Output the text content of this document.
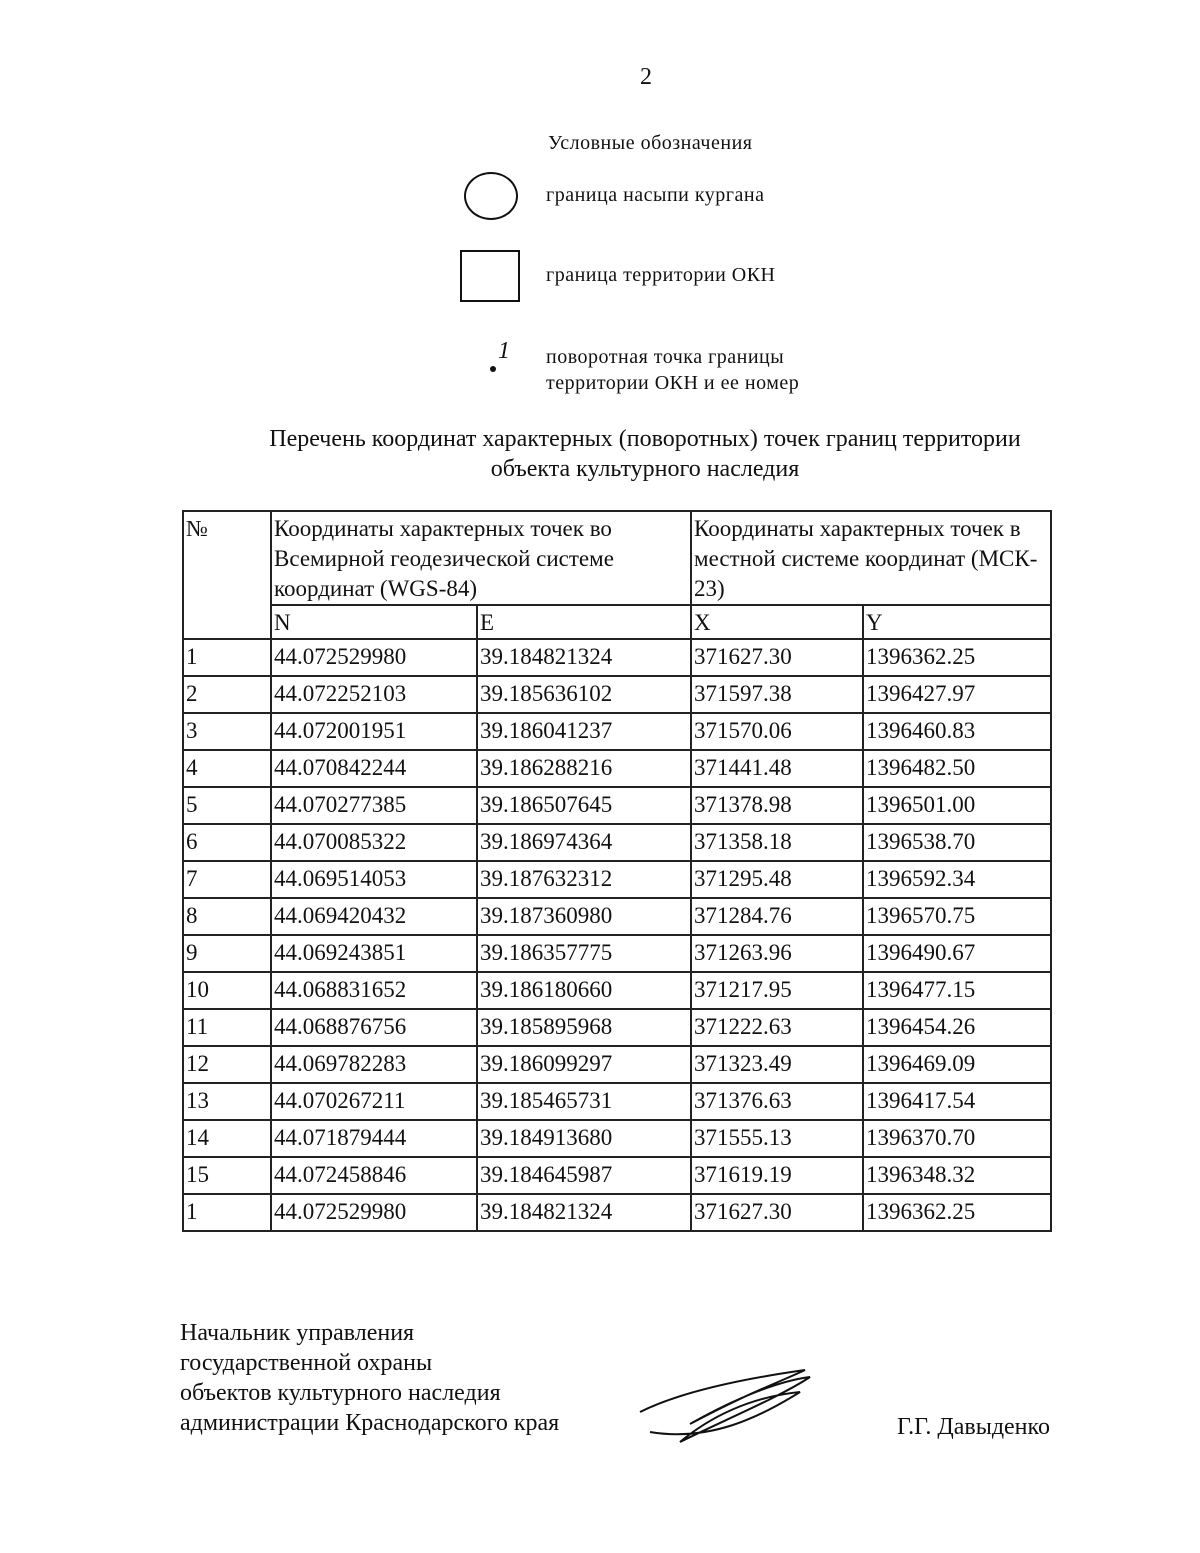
2
Условные обозначения
граница насыпи кургана
граница территории ОКН
1 поворотная точка границы
территории ОКН и ее номер
Перечень координат характерных (поворотных) точек границ территории
объекта культурного наследия
№	Координаты характерных точек во Всемирной геодезической системе координат (WGS-84)		Координаты характерных точек в местной системе координат (МСК- 23)	
	N	E	X	Y
1	44.072529980	39.184821324	371627.30	1396362.25
2	44.072252103	39.185636102	371597.38	1396427.97
3	44.072001951	39.186041237	371570.06	1396460.83
4	44.070842244	39.186288216	371441.48	1396482.50
5	44.070277385	39.186507645	371378.98	1396501.00
6	44.070085322	39.186974364	371358.18	1396538.70
7	44.069514053	39.187632312	371295.48	1396592.34
8	44.069420432	39.187360980	371284.76	1396570.75
9	44.069243851	39.186357775	371263.96	1396490.67
10	44.068831652	39.186180660	371217.95	1396477.15
11	44.068876756	39.185895968	371222.63	1396454.26
12	44.069782283	39.186099297	371323.49	1396469.09
13	44.070267211	39.185465731	371376.63	1396417.54
14	44.071879444	39.184913680	371555.13	1396370.70
15	44.072458846	39.184645987	371619.19	1396348.32
1	44.072529980	39.184821324	371627.30	1396362.25
Начальник управления
государственной охраны
объектов культурного наследия
администрации Краснодарского края	Г.Г. Давыденко
